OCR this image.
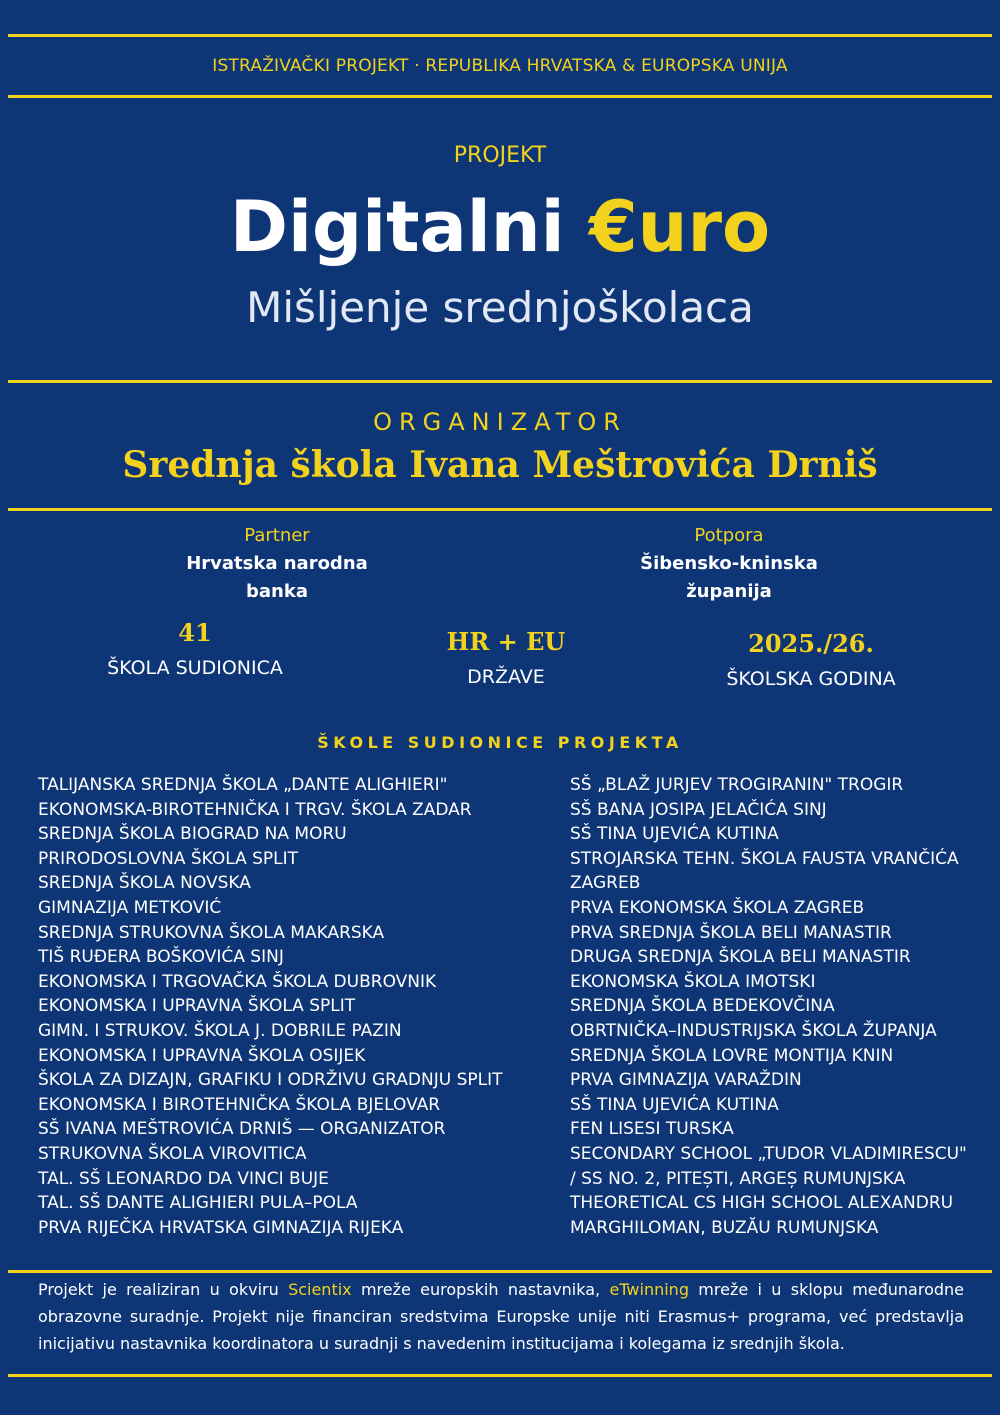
ISTRAŽIVAČKI PROJEKT · REPUBLIKA HRVATSKA & EUROPSKA UNIJA
PROJEKT
Digitalni €uro
Mišljenje srednjoškolaca
ORGANIZATOR
Srednja škola Ivana Meštrovića Drniš
Partner
Hrvatska narodna
banka
Potpora
Šibensko-kninska
županija
41
ŠKOLA SUDIONICA
HR + EU
DRŽAVE
2025./26.
ŠKOLSKA GODINA
ŠKOLE SUDIONICE PROJEKTA
TALIJANSKA SREDNJA ŠKOLA „DANTE ALIGHIERI"
EKONOMSKA-BIROTEHNIČKA I TRGV. ŠKOLA ZADAR
SREDNJA ŠKOLA BIOGRAD NA MORU
PRIRODOSLOVNA ŠKOLA SPLIT
SREDNJA ŠKOLA NOVSKA
GIMNAZIJA METKOVIĆ
SREDNJA STRUKOVNA ŠKOLA MAKARSKA
TIŠ RUĐERA BOŠKOVIĆA SINJ
EKONOMSKA I TRGOVAČKA ŠKOLA DUBROVNIK
EKONOMSKA I UPRAVNA ŠKOLA SPLIT
GIMN. I STRUKOV. ŠKOLA J. DOBRILE PAZIN
EKONOMSKA I UPRAVNA ŠKOLA OSIJEK
ŠKOLA ZA DIZAJN, GRAFIKU I ODRŽIVU GRADNJU SPLIT
EKONOMSKA I BIROTEHNIČKA ŠKOLA BJELOVAR
SŠ IVANA MEŠTROVIĆA DRNIŠ — ORGANIZATOR
STRUKOVNA ŠKOLA VIROVITICA
TAL. SŠ LEONARDO DA VINCI BUJE
TAL. SŠ DANTE ALIGHIERI PULA–POLA
PRVA RIJEČKA HRVATSKA GIMNAZIJA RIJEKA
SŠ „BLAŽ JURJEV TROGIRANIN" TROGIR
SŠ BANA JOSIPA JELAČIĆA SINJ
SŠ TINA UJEVIĆA KUTINA
STROJARSKA TEHN. ŠKOLA FAUSTA VRANČIĆA
ZAGREB
PRVA EKONOMSKA ŠKOLA ZAGREB
PRVA SREDNJA ŠKOLA BELI MANASTIR
DRUGA SREDNJA ŠKOLA BELI MANASTIR
EKONOMSKA ŠKOLA IMOTSKI
SREDNJA ŠKOLA BEDEKOVČINA
OBRTNIČKA–INDUSTRIJSKA ŠKOLA ŽUPANJA
SREDNJA ŠKOLA LOVRE MONTIJA KNIN
PRVA GIMNAZIJA VARAŽDIN
SŠ TINA UJEVIĆA KUTINA
FEN LISESI TURSKA
SECONDARY SCHOOL „TUDOR VLADIMIRESCU"
/ SS NO. 2, PITEȘTI, ARGEȘ RUMUNJSKA
THEORETICAL CS HIGH SCHOOL ALEXANDRU
MARGHILOMAN, BUZĂU RUMUNJSKA
Projekt je realiziran u okviru Scientix mreže europskih nastavnika, eTwinning mreže i u sklopu međunarodne obrazovne suradnje. Projekt nije financiran sredstvima Europske unije niti Erasmus+ programa, već predstavlja inicijativu nastavnika koordinatora u suradnji s navedenim institucijama i kolegama iz srednjih škola.
